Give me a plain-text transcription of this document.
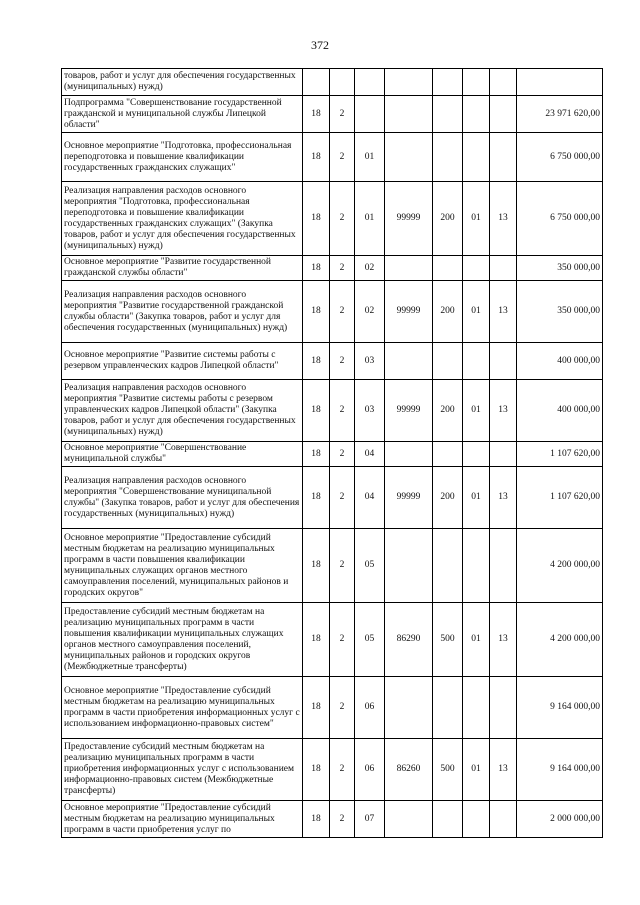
372
товаров, работ и услуг для обеспечения государственных (муниципальных) нужд)								
Подпрограмма "Совершенствование государственной гражданской и муниципальной службы Липецкой области"	18	2						23 971 620,00
Основное мероприятие "Подготовка, профессиональная переподготовка и повышение квалификации государственных гражданских служащих"	18	2	01					6 750 000,00
Реализация направления расходов основного мероприятия "Подготовка, профессиональная переподготовка и повышение квалификации государственных гражданских служащих" (Закупка товаров, работ и услуг для обеспечения государственных (муниципальных) нужд)	18	2	01	99999	200	01	13	6 750 000,00
Основное мероприятие "Развитие государственной гражданской службы области"	18	2	02					350 000,00
Реализация направления расходов основного мероприятия "Развитие государственной гражданской службы области" (Закупка товаров, работ и услуг для обеспечения государственных (муниципальных) нужд)	18	2	02	99999	200	01	13	350 000,00
Основное мероприятие "Развитие системы работы с резервом управленческих кадров Липецкой области"	18	2	03					400 000,00
Реализация направления расходов основного мероприятия "Развитие системы работы с резервом управленческих кадров Липецкой области" (Закупка товаров, работ и услуг для обеспечения государственных (муниципальных) нужд)	18	2	03	99999	200	01	13	400 000,00
Основное мероприятие "Совершенствование муниципальной службы"	18	2	04					1 107 620,00
Реализация направления расходов основного мероприятия "Совершенствование муниципальной службы" (Закупка товаров, работ и услуг для обеспечения государственных (муниципальных) нужд)	18	2	04	99999	200	01	13	1 107 620,00
Основное мероприятие "Предоставление субсидий местным бюджетам на реализацию муниципальных программ в части повышения квалификации муниципальных служащих органов местного самоуправления поселений, муниципальных районов и городских округов"	18	2	05					4 200 000,00
Предоставление субсидий местным бюджетам на реализацию муниципальных программ в части повышения квалификации муниципальных служащих органов местного самоуправления поселений, муниципальных районов и городских округов (Межбюджетные трансферты)	18	2	05	86290	500	01	13	4 200 000,00
Основное мероприятие "Предоставление субсидий местным бюджетам на реализацию муниципальных программ в части приобретения информационных услуг с использованием информационно-правовых систем"	18	2	06					9 164 000,00
Предоставление субсидий местным бюджетам на реализацию муниципальных программ в части приобретения информационных услуг с использованием информационно-правовых систем (Межбюджетные трансферты)	18	2	06	86260	500	01	13	9 164 000,00
Основное мероприятие "Предоставление субсидий местным бюджетам на реализацию муниципальных программ в части приобретения услуг по	18	2	07					2 000 000,00
